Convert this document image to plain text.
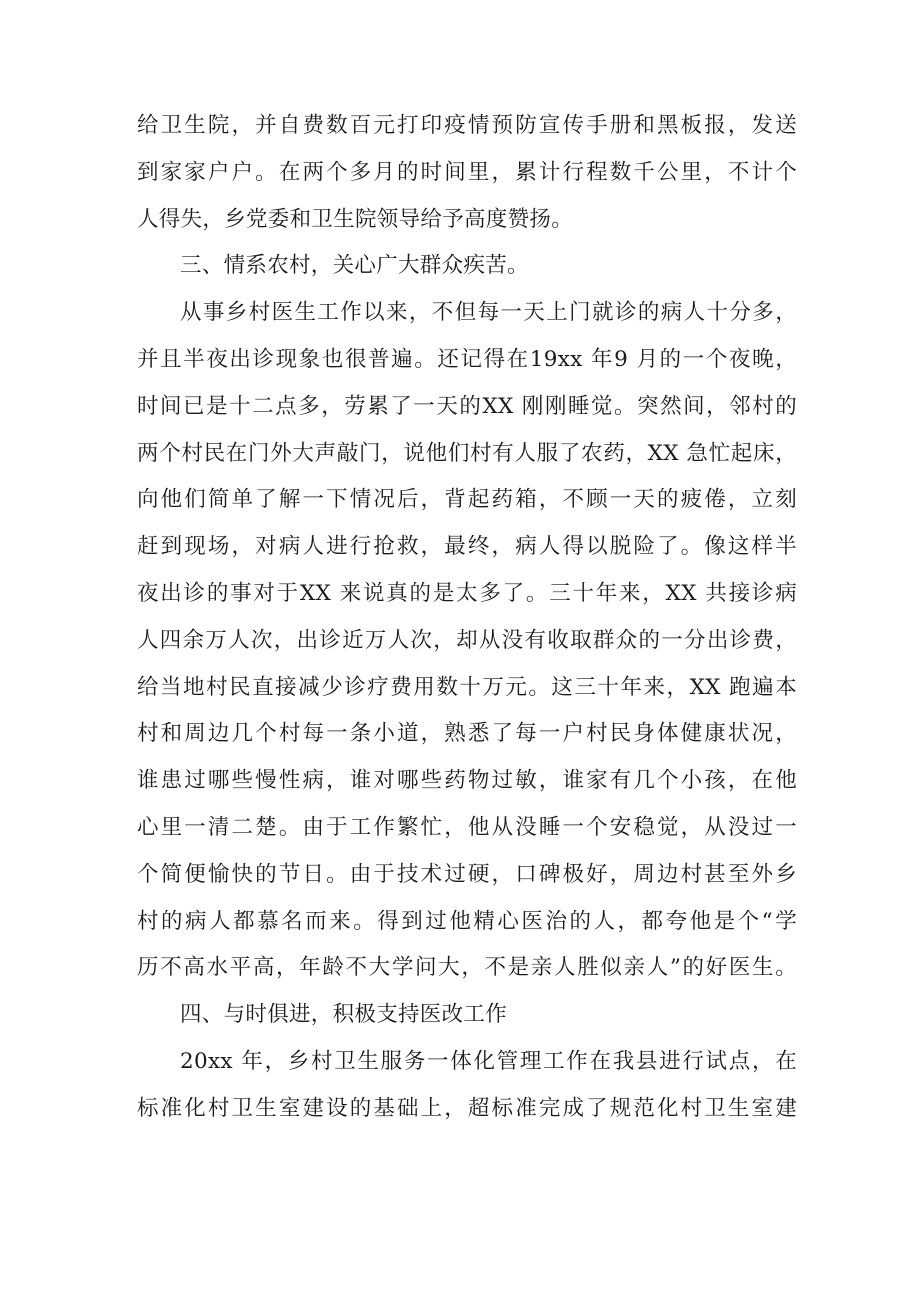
给卫生院，并自费数百元打印疫情预防宣传手册和黑板报，发送
到家家户户。在两个多月的时间里，累计行程数千公里，不计个
人得失，乡党委和卫生院领导给予高度赞扬。
三、情系农村，关心广大群众疾苦。
从事乡村医生工作以来，不但每一天上门就诊的病人十分多，
并且半夜出诊现象也很普遍。还记得在19xx 年9 月的一个夜晚，
时间已是十二点多，劳累了一天的XX 刚刚睡觉。突然间，邻村的
两个村民在门外大声敲门，说他们村有人服了农药，XX 急忙起床，
向他们简单了解一下情况后，背起药箱，不顾一天的疲倦，立刻
赶到现场，对病人进行抢救，最终，病人得以脱险了。像这样半
夜出诊的事对于XX 来说真的是太多了。三十年来，XX 共接诊病
人四余万人次，出诊近万人次，却从没有收取群众的一分出诊费，
给当地村民直接减少诊疗费用数十万元。这三十年来，XX 跑遍本
村和周边几个村每一条小道，熟悉了每一户村民身体健康状况，
谁患过哪些慢性病，谁对哪些药物过敏，谁家有几个小孩，在他
心里一清二楚。由于工作繁忙，他从没睡一个安稳觉，从没过一
个简便愉快的节日。由于技术过硬，口碑极好，周边村甚至外乡
村的病人都慕名而来。得到过他精心医治的人，都夸他是个“学
历不高水平高，年龄不大学问大，不是亲人胜似亲人”的好医生。
四、与时俱进，积极支持医改工作
20xx 年，乡村卫生服务一体化管理工作在我县进行试点，在
标准化村卫生室建设的基础上，超标准完成了规范化村卫生室建
